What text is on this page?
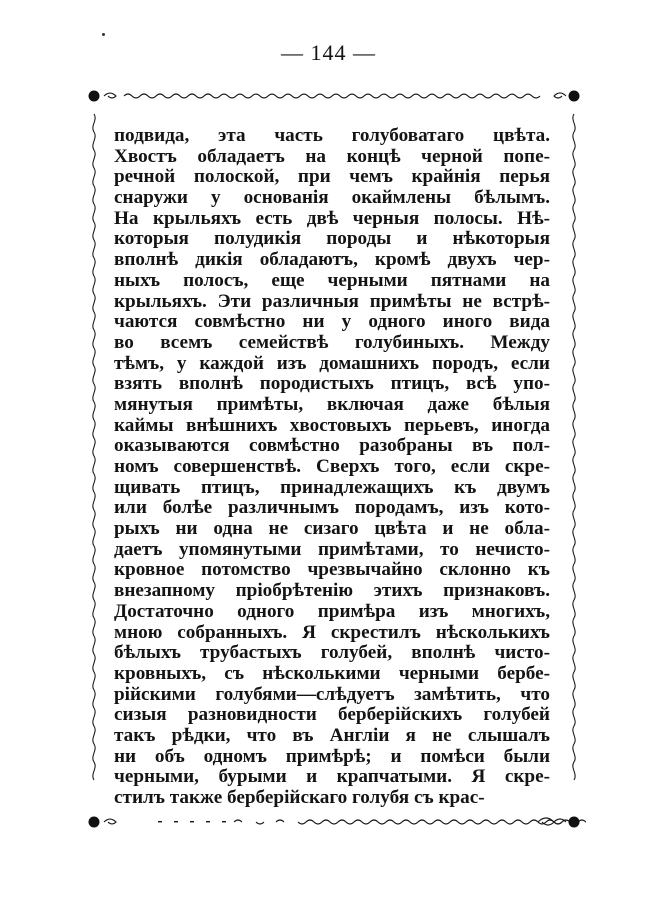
— 144 —
подвида, эта часть голубоватаго цвѣта.
Хвостъ обладаетъ на концѣ черной попе-
речной полоской, при чемъ крайнія перья
снаружи у основанія окаймлены бѣлымъ.
На крыльяхъ есть двѣ черныя полосы. Нѣ-
которыя полудикія породы и нѣкоторыя
вполнѣ дикія обладаютъ, кромѣ двухъ чер-
ныхъ полосъ, еще черными пятнами на
крыльяхъ. Эти различныя примѣты не встрѣ-
чаются совмѣстно ни у одного иного вида
во всемъ семействѣ голубиныхъ. Между
тѣмъ, у каждой изъ домашнихъ породъ, если
взять вполнѣ породистыхъ птицъ, всѣ упо-
мянутыя примѣты, включая даже бѣлыя
каймы внѣшнихъ хвостовыхъ перьевъ, иногда
оказываются совмѣстно разобраны въ пол-
номъ совершенствѣ. Сверхъ того, если скре-
щивать птицъ, принадлежащихъ къ двумъ
или болѣе различнымъ породамъ, изъ кото-
рыхъ ни одна не сизаго цвѣта и не обла-
даетъ упомянутыми примѣтами, то нечисто-
кровное потомство чрезвычайно склонно къ
внезапному пріобрѣтенію этихъ признаковъ.
Достаточно одного примѣра изъ многихъ,
мною собранныхъ. Я скрестилъ нѣсколькихъ
бѣлыхъ трубастыхъ голубей, вполнѣ чисто-
кровныхъ, съ нѣсколькими черными бербе-
рійскими голубями—слѣдуетъ замѣтить, что
сизыя разновидности берберійскихъ голубей
такъ рѣдки, что въ Англіи я не слышалъ
ни объ одномъ примѣрѣ; и помѣси были
черными, бурыми и крапчатыми. Я скре-
стилъ также берберійскаго голубя съ крас-
